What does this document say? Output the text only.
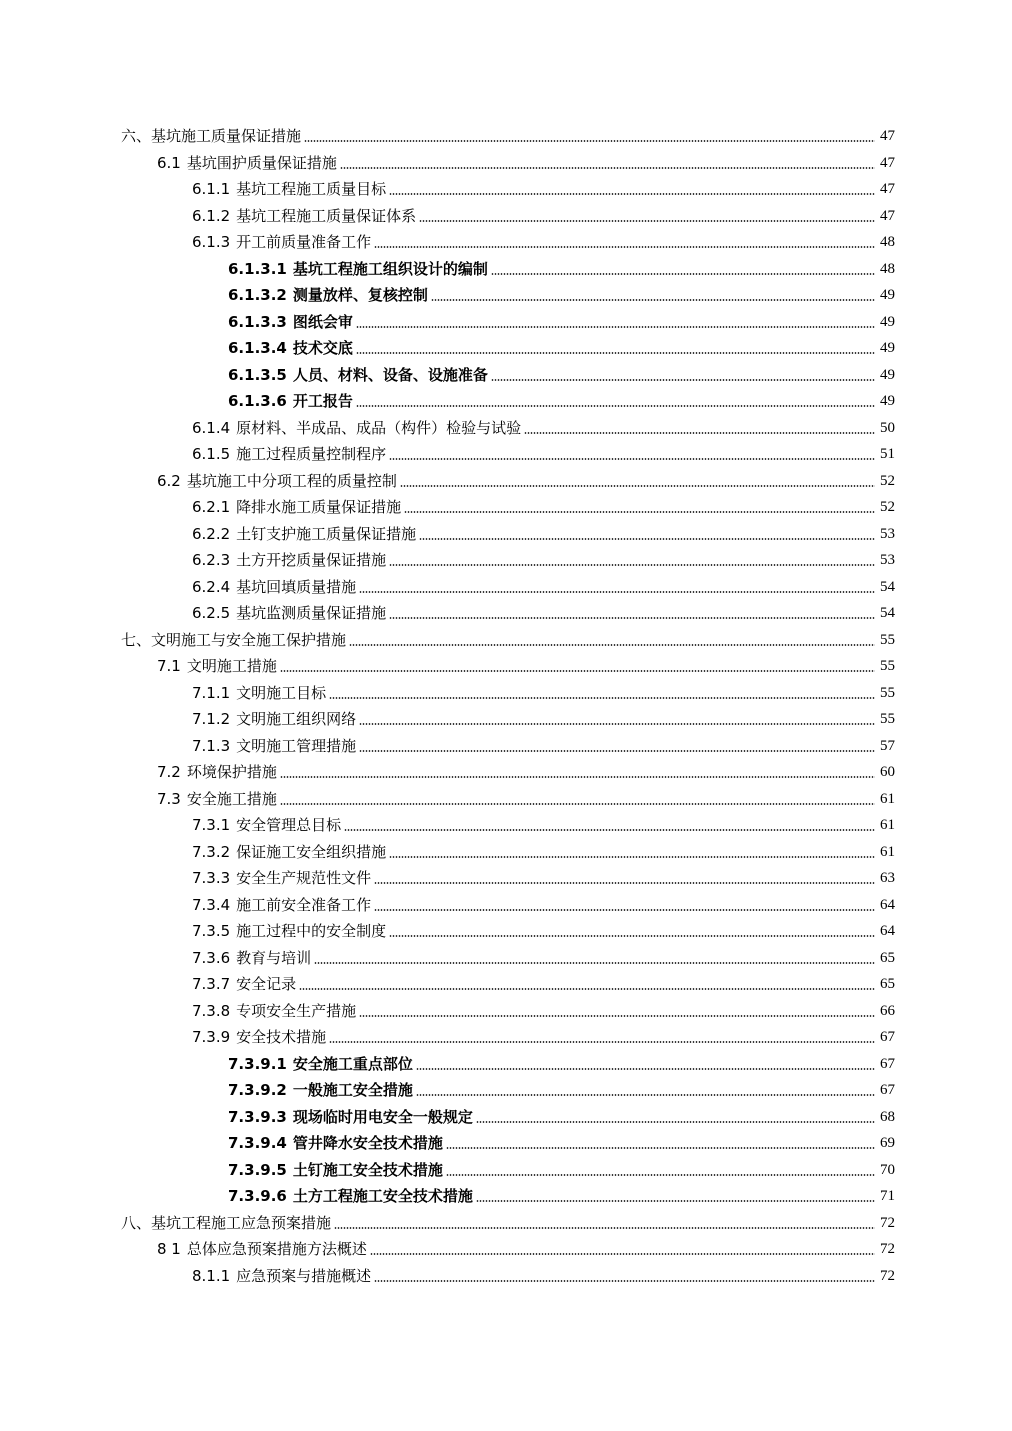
六、基坑施工质量保证措施	47
6.1 基坑围护质量保证措施	47
6.1.1 基坑工程施工质量目标	47
6.1.2 基坑工程施工质量保证体系	47
6.1.3 开工前质量准备工作	48
6.1.3.1 基坑工程施工组织设计的编制	48
6.1.3.2 测量放样、复核控制	49
6.1.3.3 图纸会审	49
6.1.3.4 技术交底	49
6.1.3.5 人员、材料、设备、设施准备	49
6.1.3.6 开工报告	49
6.1.4 原材料、半成品、成品（构件）检验与试验	50
6.1.5 施工过程质量控制程序	51
6.2 基坑施工中分项工程的质量控制	52
6.2.1 降排水施工质量保证措施	52
6.2.2 土钉支护施工质量保证措施	53
6.2.3 土方开挖质量保证措施	53
6.2.4 基坑回填质量措施	54
6.2.5 基坑监测质量保证措施	54
七、文明施工与安全施工保护措施	55
7.1 文明施工措施	55
7.1.1 文明施工目标	55
7.1.2 文明施工组织网络	55
7.1.3 文明施工管理措施	57
7.2 环境保护措施	60
7.3 安全施工措施	61
7.3.1 安全管理总目标	61
7.3.2 保证施工安全组织措施	61
7.3.3 安全生产规范性文件	63
7.3.4 施工前安全准备工作	64
7.3.5 施工过程中的安全制度	64
7.3.6 教育与培训	65
7.3.7 安全记录	65
7.3.8 专项安全生产措施	66
7.3.9 安全技术措施	67
7.3.9.1 安全施工重点部位	67
7.3.9.2 一般施工安全措施	67
7.3.9.3 现场临时用电安全一般规定	68
7.3.9.4 管井降水安全技术措施	69
7.3.9.5 土钉施工安全技术措施	70
7.3.9.6 土方工程施工安全技术措施	71
八、基坑工程施工应急预案措施	72
8 1 总体应急预案措施方法概述	72
8.1.1 应急预案与措施概述	72
